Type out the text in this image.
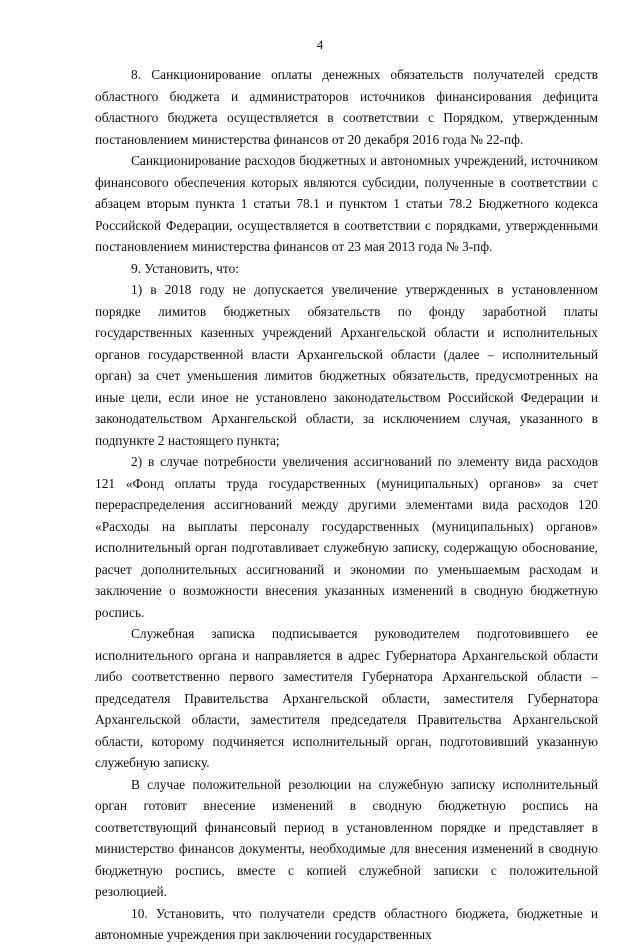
4

8. Санкционирование оплаты денежных обязательств получателей средств областного бюджета и администраторов источников финансирования дефицита областного бюджета осуществляется в соответствии с Порядком, утвержденным постановлением министерства финансов от 20 декабря 2016 года № 22-пф.

Санкционирование расходов бюджетных и автономных учреждений, источником финансового обеспечения которых являются субсидии, полученные в соответствии с абзацем вторым пункта 1 статьи 78.1 и пунктом 1 статьи 78.2 Бюджетного кодекса Российской Федерации, осуществляется в соответствии с порядками, утвержденными постановлением министерства финансов от 23 мая 2013 года № 3-пф.

9. Установить, что:

1) в 2018 году не допускается увеличение утвержденных в установленном порядке лимитов бюджетных обязательств по фонду заработной платы государственных казенных учреждений Архангельской области и исполнительных органов государственной власти Архангельской области (далее – исполнительный орган) за счет уменьшения лимитов бюджетных обязательств, предусмотренных на иные цели, если иное не установлено законодательством Российской Федерации и законодательством Архангельской области, за исключением случая, указанного в подпункте 2 настоящего пункта;

2) в случае потребности увеличения ассигнований по элементу вида расходов 121 «Фонд оплаты труда государственных (муниципальных) органов» за счет перераспределения ассигнований между другими элементами вида расходов 120 «Расходы на выплаты персоналу государственных (муниципальных) органов» исполнительный орган подготавливает служебную записку, содержащую обоснование, расчет дополнительных ассигнований и экономии по уменьшаемым расходам и заключение о возможности внесения указанных изменений в сводную бюджетную роспись.

Служебная записка подписывается руководителем подготовившего ее исполнительного органа и направляется в адрес Губернатора Архангельской области либо соответственно первого заместителя Губернатора Архангельской области – председателя Правительства Архангельской области, заместителя Губернатора Архангельской области, заместителя председателя Правительства Архангельской области, которому подчиняется исполнительный орган, подготовивший указанную служебную записку.

В случае положительной резолюции на служебную записку исполнительный орган готовит внесение изменений в сводную бюджетную роспись на соответствующий финансовый период в установленном порядке и представляет в министерство финансов документы, необходимые для внесения изменений в сводную бюджетную роспись, вместе с копией служебной записки с положительной резолюцией.

10. Установить, что получатели средств областного бюджета, бюджетные и автономные учреждения при заключении государственных
